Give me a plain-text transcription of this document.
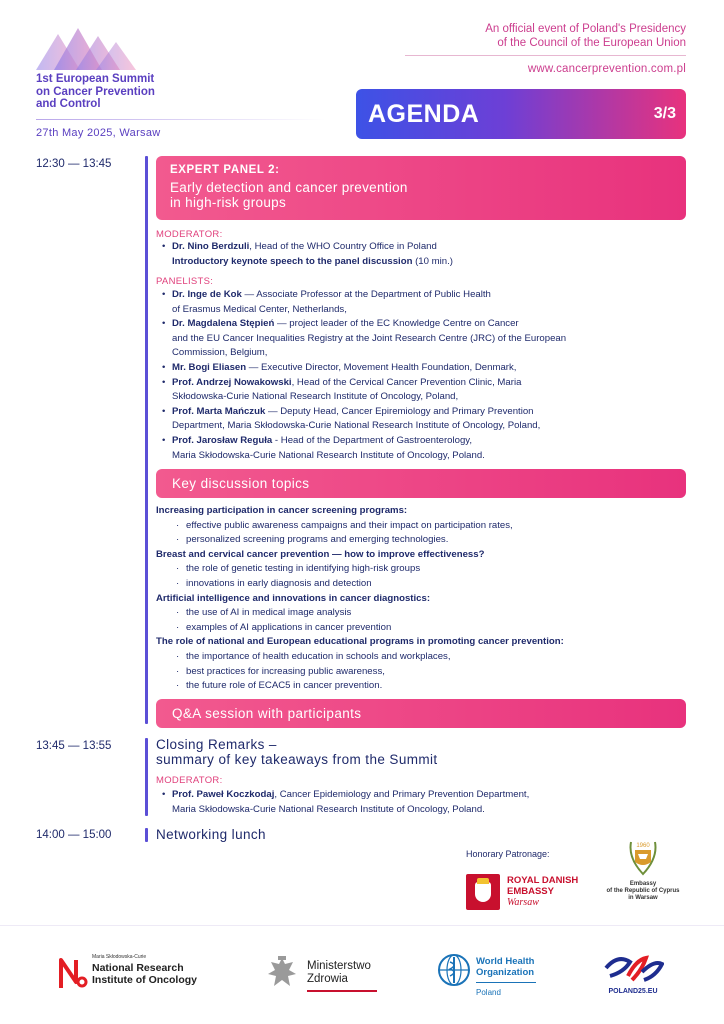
1st European Summit
on Cancer Prevention
and Control
27th May 2025, Warsaw
An official event of Poland's Presidency
of the Council of the European Union
www.cancerprevention.com.pl
AGENDA	3/3
12:30 — 13:45
13:45 — 13:55
14:00 — 15:00
EXPERT PANEL 2:
Early detection and cancer prevention
in high-risk groups
MODERATOR:
• Dr. Nino Berdzuli, Head of the WHO Country Office in Poland
Introductory keynote speech to the panel discussion (10 min.)
PANELISTS:
• Dr. Inge de Kok — Associate Professor at the Department of Public Health
of Erasmus Medical Center, Netherlands,
• Dr. Magdalena Stępień — project leader of the EC Knowledge Centre on Cancer
and the EU Cancer Inequalities Registry at the Joint Research Centre (JRC) of the European
Commission, Belgium,
• Mr. Bogi Eliasen — Executive Director, Movement Health Foundation, Denmark,
• Prof. Andrzej Nowakowski, Head of the Cervical Cancer Prevention Clinic, Maria
Skłodowska-Curie National Research Institute of Oncology, Poland,
• Prof. Marta Mańczuk — Deputy Head, Cancer Epiremiology and Primary Prevention
Department, Maria Skłodowska-Curie National Research Institute of Oncology, Poland,
• Prof. Jarosław Reguła - Head of the Department of Gastroenterology,
Maria Skłodowska-Curie National Research Institute of Oncology, Poland.
Key discussion topics
Increasing participation in cancer screening programs:
· effective public awareness campaigns and their impact on participation rates,
· personalized screening programs and emerging technologies.
Breast and cervical cancer prevention — how to improve effectiveness?
· the role of genetic testing in identifying high-risk groups
· innovations in early diagnosis and detection
Artificial intelligence and innovations in cancer diagnostics:
· the use of AI in medical image analysis
· examples of AI applications in cancer prevention
The role of national and European educational programs in promoting cancer prevention:
· the importance of health education in schools and workplaces,
· best practices for increasing public awareness,
· the future role of ECAC5 in cancer prevention.
Q&A session with participants
Closing Remarks –
summary of key takeaways from the Summit
MODERATOR:
• Prof. Paweł Koczkodaj, Cancer Epidemiology and Primary Prevention Department,
Maria Skłodowska-Curie National Research Institute of Oncology, Poland.
Networking lunch
Honorary Patronage:
ROYAL DANISH
EMBASSY
Warsaw
1960
Embassy
of the Republic of Cyprus
in Warsaw
Maria Skłodowska-Curie
National Research
Institute of Oncology
Ministerstwo
Zdrowia
World Health
Organization
Poland	POLAND25.EU
